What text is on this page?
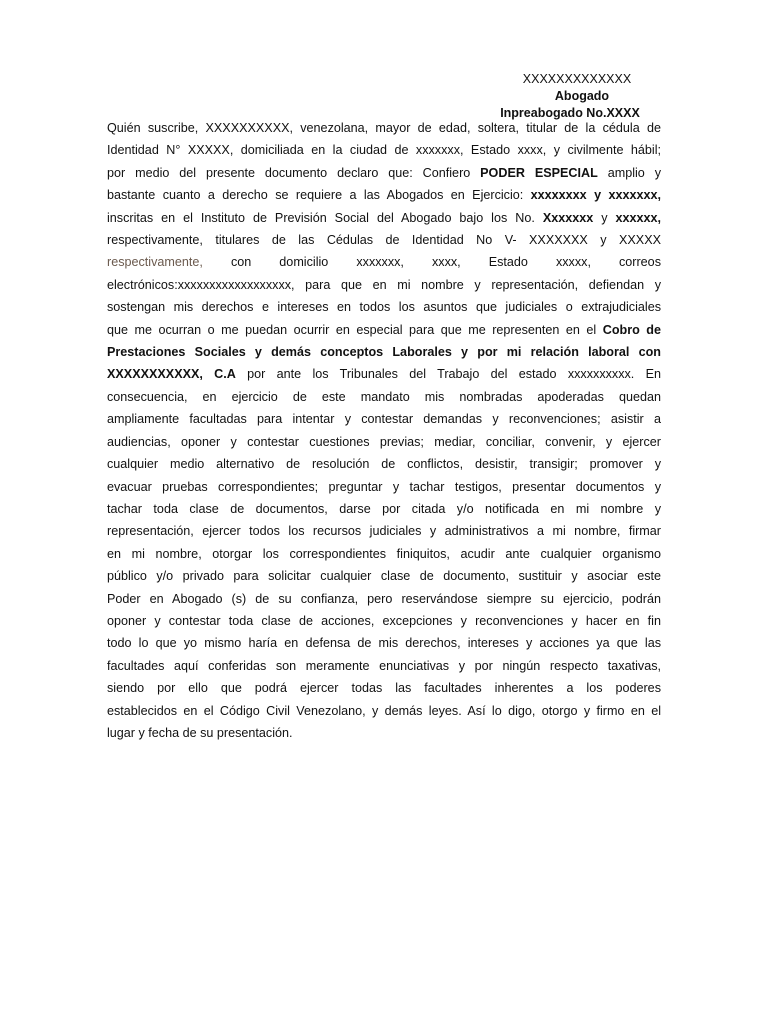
XXXXXXXXXXXXX
Abogado
Inpreabogado No.XXXX
Quién suscribe, XXXXXXXXXX, venezolana, mayor de edad, soltera, titular de la cédula de
Identidad N° XXXXX, domiciliada en la ciudad de xxxxxxx, Estado xxxx, y civilmente hábil;
por medio del presente documento declaro que: Confiero PODER ESPECIAL amplio y
bastante cuanto a derecho se requiere a las Abogados en Ejercicio: xxxxxxxx y xxxxxxx,
inscritas en el Instituto de Previsión Social del Abogado bajo los No. Xxxxxxx y xxxxxx,
respectivamente, titulares de las Cédulas de Identidad No V- XXXXXXX y XXXXX
respectivamente, con domicilio xxxxxxx, xxxx, Estado xxxxx, correos
electrónicos:xxxxxxxxxxxxxxxxxx, para que en mi nombre y representación, defiendan y
sostengan mis derechos e intereses en todos los asuntos que judiciales o extrajudiciales
que me ocurran o me puedan ocurrir en especial para que me representen en el Cobro de
Prestaciones Sociales y demás conceptos Laborales y por mi relación laboral con
XXXXXXXXXXX, C.A por ante los Tribunales del Trabajo del estado xxxxxxxxxx. En
consecuencia, en ejercicio de este mandato mis nombradas apoderadas quedan
ampliamente facultadas para intentar y contestar demandas y reconvenciones; asistir a
audiencias, oponer y contestar cuestiones previas; mediar, conciliar, convenir, y ejercer
cualquier medio alternativo de resolución de conflictos, desistir, transigir; promover y
evacuar pruebas correspondientes; preguntar y tachar testigos, presentar documentos y
tachar toda clase de documentos, darse por citada y/o notificada en mi nombre y
representación, ejercer todos los recursos judiciales y administrativos a mi nombre, firmar
en mi nombre, otorgar los correspondientes finiquitos, acudir ante cualquier organismo
público y/o privado para solicitar cualquier clase de documento, sustituir y asociar este
Poder en Abogado (s) de su confianza, pero reservándose siempre su ejercicio, podrán
oponer y contestar toda clase de acciones, excepciones y reconvenciones y hacer en fin
todo lo que yo mismo haría en defensa de mis derechos, intereses y acciones ya que las
facultades aquí conferidas son meramente enunciativas y por ningún respecto taxativas,
siendo por ello que podrá ejercer todas las facultades inherentes a los poderes
establecidos en el Código Civil Venezolano, y demás leyes. Así lo digo, otorgo y firmo en el
lugar y fecha de su presentación.
